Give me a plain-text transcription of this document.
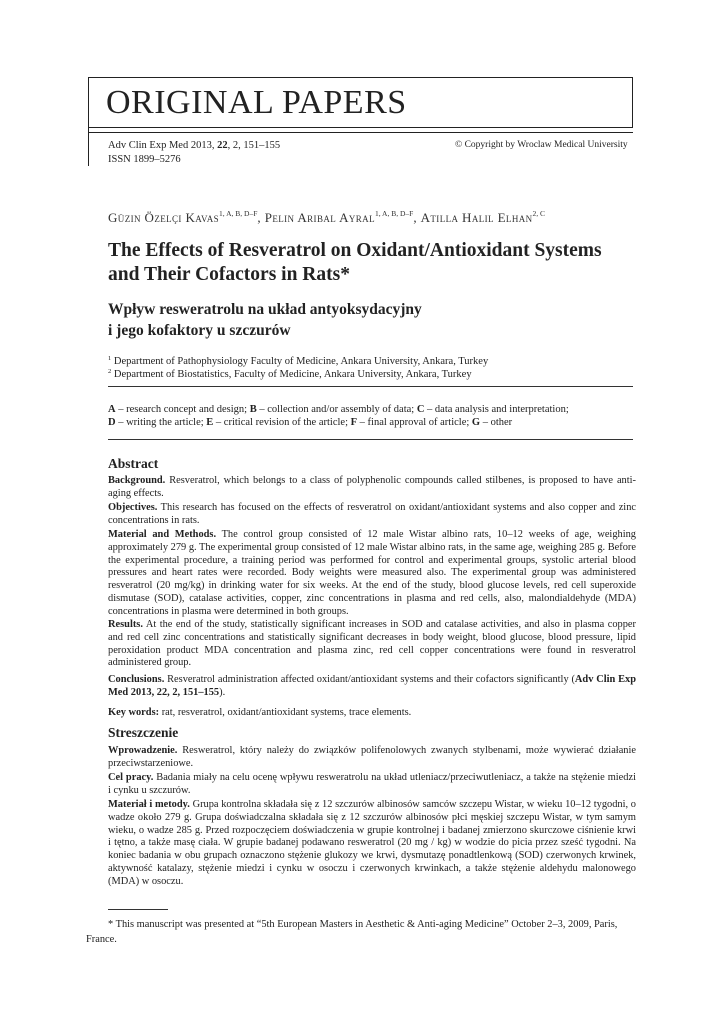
ORIGINAL PAPERS
Adv Clin Exp Med 2013, 22, 2, 151–155
ISSN 1899–5276
© Copyright by Wroclaw Medical University
Güzin Özelçi Kavas$^{1, A, B, D-F}$, Pelin Aribal Ayral$^{1, A, B, D-F}$, Atilla Halil Elhan$^{2, C}$
The Effects of Resveratrol on Oxidant/Antioxidant Systems and Their Cofactors in Rats*
Wpływ resweratrolu na układ antyoksydacyjny
i jego kofaktory u szczurów
$^1$ Department of Pathophysiology Faculty of Medicine, Ankara University, Ankara, Turkey
$^2$ Department of Biostatistics, Faculty of Medicine, Ankara University, Ankara, Turkey
A – research concept and design; B – collection and/or assembly of data; C – data analysis and interpretation;
D – writing the article; E – critical revision of the article; F – final approval of article; G – other
Abstract
Background. Resveratrol, which belongs to a class of polyphenolic compounds called stilbenes, is proposed to have anti-aging effects.
Objectives. This research has focused on the effects of resveratrol on oxidant/antioxidant systems and also copper and zinc concentrations in rats.
Material and Methods. The control group consisted of 12 male Wistar albino rats, 10–12 weeks of age, weighing approximately 279 g. The experimental group consisted of 12 male Wistar albino rats, in the same age, weighing 285 g. Before the experimental procedure, a training period was performed for control and experimental groups, systolic arterial blood pressures and heart rates were recorded. Body weights were measured also. The experimental group was administered resveratrol (20 mg/kg) in drinking water for six weeks. At the end of the study, blood glucose levels, red cell superoxide dismutase (SOD), catalase activities, copper, zinc concentrations in plasma and red cells, also, malondialdehyde (MDA) concentrations in plasma were determined in both groups.
Results. At the end of the study, statistically significant increases in SOD and catalase activities, and also in plasma copper and red cell zinc concentrations and statistically significant decreases in body weight, blood glucose, blood pressure, lipid peroxidation product MDA concentration and plasma zinc, red cell copper concentrations were found in resveratrol administered group.
Conclusions. Resveratrol administration affected oxidant/antioxidant systems and their cofactors significantly (Adv Clin Exp Med 2013, 22, 2, 151–155).
Key words: rat, resveratrol, oxidant/antioxidant systems, trace elements.
Streszczenie
Wprowadzenie. Resweratrol, który należy do związków polifenolowych zwanych stylbenami, może wywierać działanie przeciwstarzeniowe.
Cel pracy. Badania miały na celu ocenę wpływu resweratrolu na układ utleniacz/przeciwutleniacz, a także na stężenie miedzi i cynku u szczurów.
Materiał i metody. Grupa kontrolna składała się z 12 szczurów albinosów samców szczepu Wistar, w wieku 10–12 tygodni, o wadze około 279 g. Grupa doświadczalna składała się z 12 szczurów albinosów płci męskiej szczepu Wistar, w tym samym wieku, o wadze 285 g. Przed rozpoczęciem doświadczenia w grupie kontrolnej i badanej zmierzono skurczowe ciśnienie krwi i tętno, a także masę ciała. W grupie badanej podawano resweratrol (20 mg / kg) w wodzie do picia przez sześć tygodni. Na koniec badania w obu grupach oznaczono stężenie glukozy we krwi, dysmutazę ponadtlenkową (SOD) czerwonych krwinek, aktywność katalazy, stężenie miedzi i cynku w osoczu i czerwonych krwinkach, a także stężenie aldehydu malonowego (MDA) w osoczu.
* This manuscript was presented at “5th European Masters in Aesthetic & Anti-aging Medicine” October 2–3, 2009, Paris, France.
